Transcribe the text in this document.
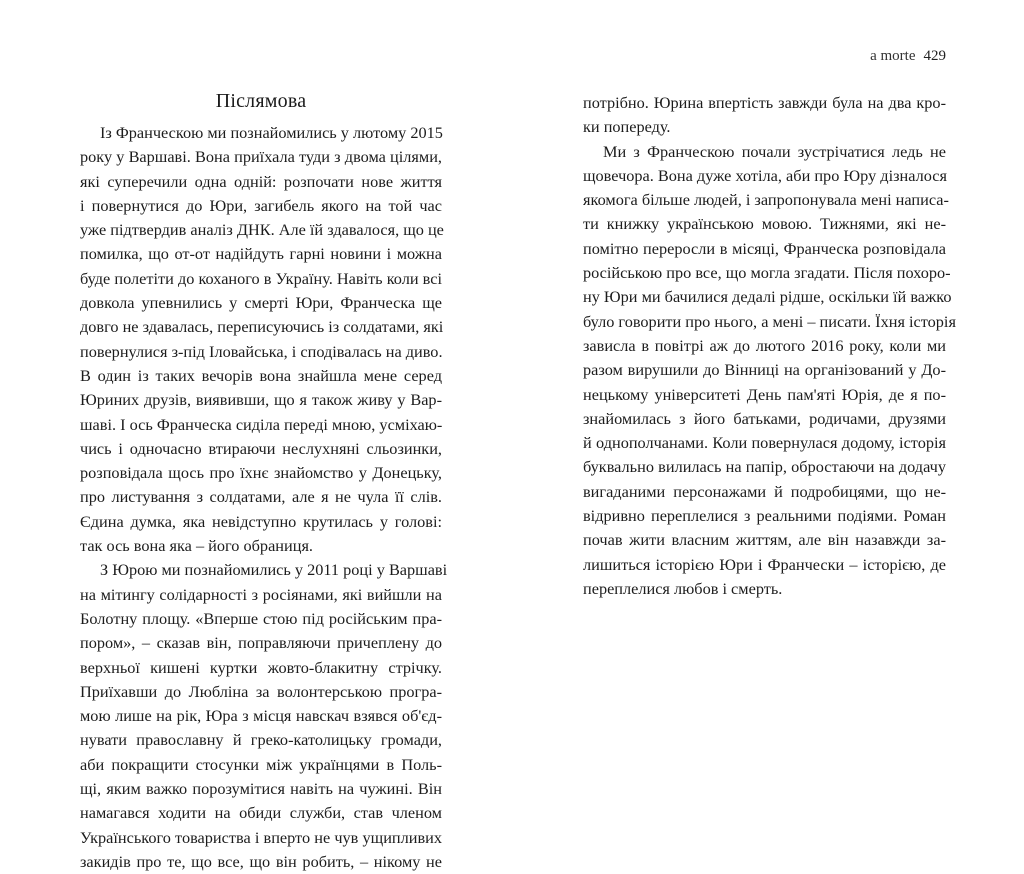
Післямова
Із Франческою ми познайомились у лютому 2015
року у Варшаві. Вона приїхала туди з двома цілями,
які суперечили одна одній: розпочати нове життя
і повернутися до Юри, загибель якого на той час
уже підтвердив аналіз ДНК. Але їй здавалося, що це
помилка, що от-от надійдуть гарні новини і можна
буде полетіти до коханого в Україну. Навіть коли всі
довкола упевнились у смерті Юри, Франческа ще
довго не здавалась, переписуючись із солдатами, які
повернулися з-під Іловайська, і сподівалась на диво.
В один із таких вечорів вона знайшла мене серед
Юриних друзів, виявивши, що я також живу у Вар-
шаві. І ось Франческа сиділа переді мною, усміхаю-
чись і одночасно втираючи неслухняні сльозинки,
розповідала щось про їхнє знайомство у Донецьку,
про листування з солдатами, але я не чула її слів.
Єдина думка, яка невідступно крутилась у голові:
так ось вона яка – його обраниця.
З Юрою ми познайомились у 2011 році у Варшаві
на мітингу солідарності з росіянами, які вийшли на
Болотну площу. «Вперше стою під російським пра-
пором», – сказав він, поправляючи причеплену до
верхньої кишені куртки жовто-блакитну стрічку.
Приїхавши до Любліна за волонтерською програ-
мою лише на рік, Юра з місця навскач взявся об'єд-
нувати православну й греко-католицьку громади,
аби покращити стосунки між українцями в Поль-
щі, яким важко порозумітися навіть на чужині. Він
намагався ходити на обиди служби, став членом
Українського товариства і вперто не чув ущипливих
закидів про те, що все, що він робить, – нікому не
a morte 429
потрібно. Юрина впертість завжди була на два кро-
ки попереду.
Ми з Франческою почали зустрічатися ледь не
щовечора. Вона дуже хотіла, аби про Юру дізналося
якомога більше людей, і запропонувала мені написа-
ти книжку українською мовою. Тижнями, які не-
помітно переросли в місяці, Франческа розповідала
російською про все, що могла згадати. Після похоро-
ну Юри ми бачилися дедалі рідше, оскільки їй важко
було говорити про нього, а мені – писати. Їхня історія
зависла в повітрі аж до лютого 2016 року, коли ми
разом вирушили до Вінниці на організований у До-
нецькому університеті День пам'яті Юрія, де я по-
знайомилась з його батьками, родичами, друзями
й однополчанами. Коли повернулася додому, історія
буквально вилилась на папір, обростаючи на додачу
вигаданими персонажами й подробицями, що не-
відривно переплелися з реальними подіями. Роман
почав жити власним життям, але він назавжди за-
лишиться історією Юри і Франчески – історією, де
переплелися любов і смерть.
